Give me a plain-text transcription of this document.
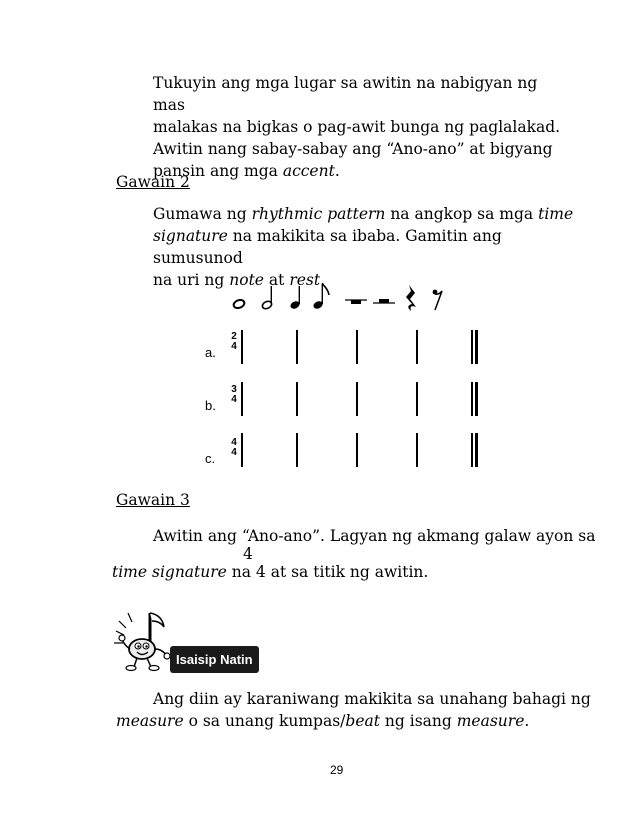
Tukuyin ang mga lugar sa awitin na nabigyan ng mas
malakas na bigkas o pag-awit bunga ng paglalakad.
Awitin nang sabay-sabay ang “Ano-ano” at bigyang
pansin ang mga accent.
Gawain 2
Gumawa ng rhythmic pattern na angkop sa mga time
signature na makikita sa ibaba. Gamitin ang sumusunod
na uri ng note at rest.
a.
2
4
b.
3
4
c.
4
4
Gawain 3
Awitin ang “Ano-ano”. Lagyan ng akmang galaw ayon sa
4
time signature na 4 at sa titik ng awitin.
Isaisip Natin
Ang diin ay karaniwang makikita sa unahang bahagi ng
measure o sa unang kumpas/beat ng isang measure.
29
